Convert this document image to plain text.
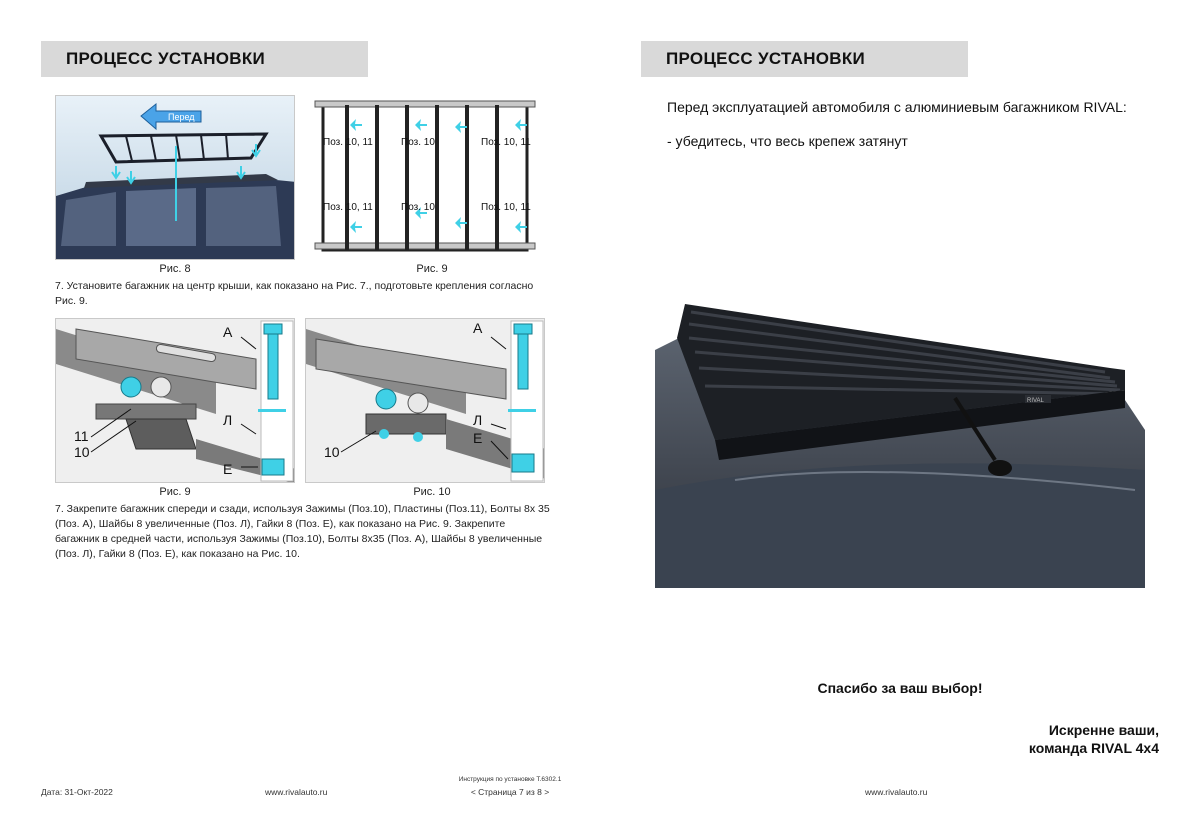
ПРОЦЕСС УСТАНОВКИ
Перед
Рис. 8
Поз. 10, 11	Поз. 10	Поз. 10, 11
Поз. 10, 11	Поз. 10	Поз. 10, 11
Рис. 9
7. Установите багажник на центр крыши, как показано на Рис. 7., подготовьте крепления согласно Рис. 9.
А
Л
Е
11
10
Рис. 9
А
Л
Е
10
Рис. 10
7. Закрепите багажник спереди и сзади, используя Зажимы (Поз.10), Пластины (Поз.11), Болты 8х 35 (Поз. А), Шайбы 8 увеличенные (Поз. Л), Гайки 8 (Поз. Е), как показано на Рис. 9. Закрепите багажник в средней части, используя Зажимы (Поз.10), Болты 8х35 (Поз. А), Шайбы 8 увеличенные (Поз. Л), Гайки 8 (Поз. Е), как показано на Рис. 10.
Дата: 31-Окт-2022	www.rivalauto.ru
Инструкция по установке Т.6302.1
< Страница 7 из 8 >
ПРОЦЕСС УСТАНОВКИ
Перед эксплуатацией автомобиля с алюминиевым багажником RIVAL:
- убедитесь, что весь крепеж затянут
RIVAL
Спасибо за ваш выбор!
Искренне ваши,
команда RIVAL 4x4
www.rivalauto.ru
